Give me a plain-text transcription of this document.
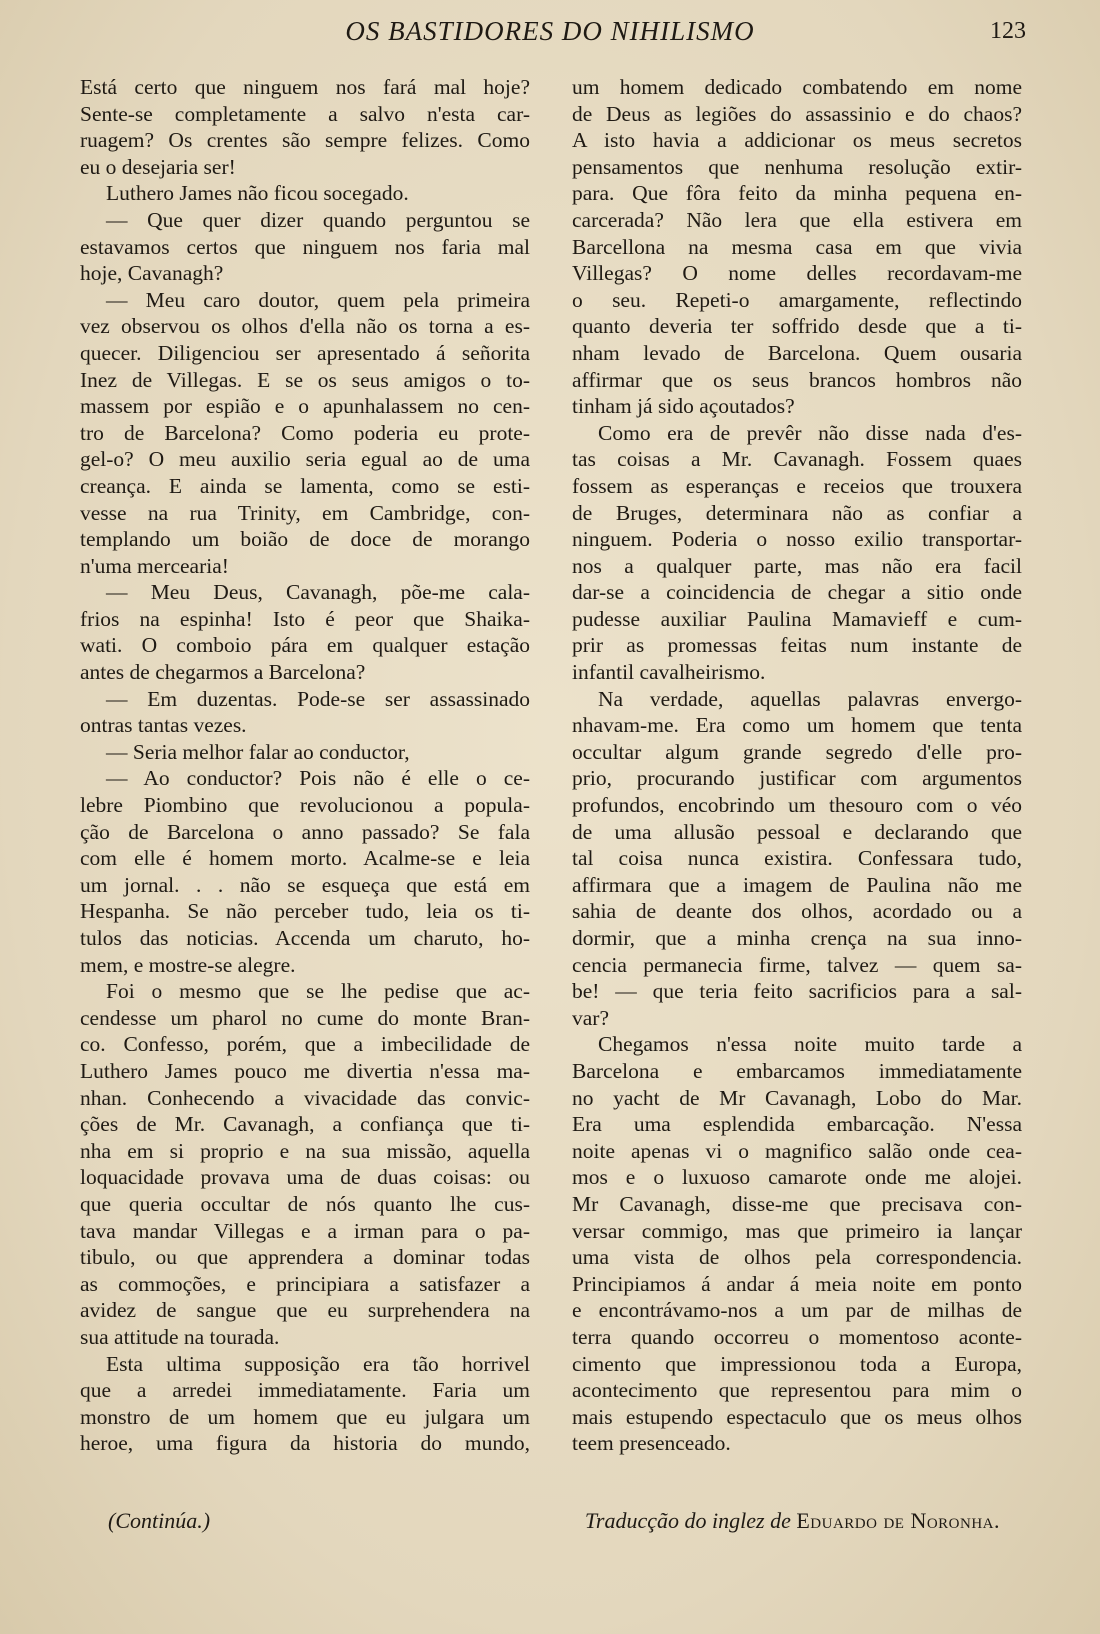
OS BASTIDORES DO NIHILISMO	123
Está certo que ninguem nos fará mal hoje?
Sente-se completamente a salvo n'esta car-
ruagem? Os crentes são sempre felizes. Como
eu o desejaria ser!
Luthero James não ficou socegado.
— Que quer dizer quando perguntou se
estavamos certos que ninguem nos faria mal
hoje, Cavanagh?
— Meu caro doutor, quem pela primeira
vez observou os olhos d'ella não os torna a es-
quecer. Diligenciou ser apresentado á señorita
Inez de Villegas. E se os seus amigos o to-
massem por espião e o apunhalassem no cen-
tro de Barcelona? Como poderia eu prote-
gel-o? O meu auxilio seria egual ao de uma
creança. E ainda se lamenta, como se esti-
vesse na rua Trinity, em Cambridge, con-
templando um boião de doce de morango
n'uma mercearia!
— Meu Deus, Cavanagh, põe-me cala-
frios na espinha! Isto é peor que Shaika-
wati. O comboio pára em qualquer estação
antes de chegarmos a Barcelona?
— Em duzentas. Pode-se ser assassinado
ontras tantas vezes.
— Seria melhor falar ao conductor,
— Ao conductor? Pois não é elle o ce-
lebre Piombino que revolucionou a popula-
ção de Barcelona o anno passado? Se fala
com elle é homem morto. Acalme-se e leia
um jornal. . . não se esqueça que está em
Hespanha. Se não perceber tudo, leia os ti-
tulos das noticias. Accenda um charuto, ho-
mem, e mostre-se alegre.
Foi o mesmo que se lhe pedise que ac-
cendesse um pharol no cume do monte Bran-
co. Confesso, porém, que a imbecilidade de
Luthero James pouco me divertia n'essa ma-
nhan. Conhecendo a vivacidade das convic-
ções de Mr. Cavanagh, a confiança que ti-
nha em si proprio e na sua missão, aquella
loquacidade provava uma de duas coisas: ou
que queria occultar de nós quanto lhe cus-
tava mandar Villegas e a irman para o pa-
tibulo, ou que apprendera a dominar todas
as commoções, e principiara a satisfazer a
avidez de sangue que eu surprehendera na
sua attitude na tourada.
Esta ultima supposição era tão horrivel
que a arredei immediatamente. Faria um
monstro de um homem que eu julgara um
heroe, uma figura da historia do mundo,
um homem dedicado combatendo em nome
de Deus as legiões do assassinio e do chaos?
A isto havia a addicionar os meus secretos
pensamentos que nenhuma resolução extir-
para. Que fôra feito da minha pequena en-
carcerada? Não lera que ella estivera em
Barcellona na mesma casa em que vivia
Villegas? O nome delles recordavam-me
o seu. Repeti-o amargamente, reflectindo
quanto deveria ter soffrido desde que a ti-
nham levado de Barcelona. Quem ousaria
affirmar que os seus brancos hombros não
tinham já sido açoutados?
Como era de prevêr não disse nada d'es-
tas coisas a Mr. Cavanagh. Fossem quaes
fossem as esperanças e receios que trouxera
de Bruges, determinara não as confiar a
ninguem. Poderia o nosso exilio transportar-
nos a qualquer parte, mas não era facil
dar-se a coincidencia de chegar a sitio onde
pudesse auxiliar Paulina Mamavieff e cum-
prir as promessas feitas num instante de
infantil cavalheirismo.
Na verdade, aquellas palavras envergo-
nhavam-me. Era como um homem que tenta
occultar algum grande segredo d'elle pro-
prio, procurando justificar com argumentos
profundos, encobrindo um thesouro com o véo
de uma allusão pessoal e declarando que
tal coisa nunca existira. Confessara tudo,
affirmara que a imagem de Paulina não me
sahia de deante dos olhos, acordado ou a
dormir, que a minha crença na sua inno-
cencia permanecia firme, talvez — quem sa-
be! — que teria feito sacrificios para a sal-
var?
Chegamos n'essa noite muito tarde a
Barcelona e embarcamos immediatamente
no yacht de Mr Cavanagh, Lobo do Mar.
Era uma esplendida embarcação. N'essa
noite apenas vi o magnifico salão onde cea-
mos e o luxuoso camarote onde me alojei.
Mr Cavanagh, disse-me que precisava con-
versar commigo, mas que primeiro ia lançar
uma vista de olhos pela correspondencia.
Principiamos á andar á meia noite em ponto
e encontrávamo-nos a um par de milhas de
terra quando occorreu o momentoso aconte-
cimento que impressionou toda a Europa,
acontecimento que representou para mim o
mais estupendo espectaculo que os meus olhos
teem presenceado.
(Continúa.)	Traducção do inglez de Eduardo de Noronha.
